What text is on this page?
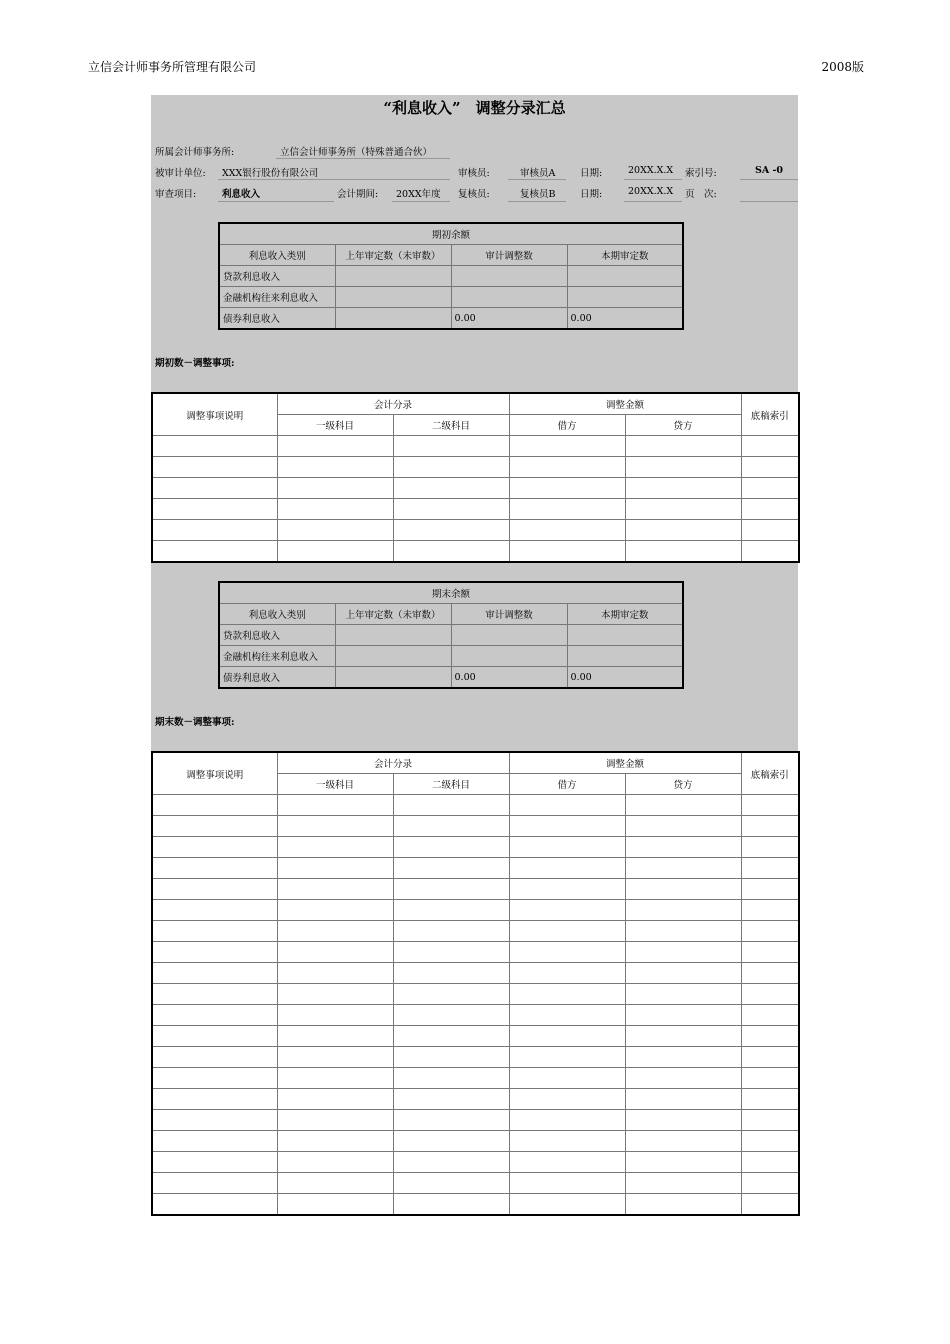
立信会计师事务所管理有限公司	2008版
“利息收入”　调整分录汇总
所属会计师事务所:	立信会计师事务所（特殊普通合伙）
被审计单位: XXX银行股份有限公司	审核员:	审核员A	日期:	20XX.X.X 索引号:	SA -0
审查项目:	利息收入	会计期间: 20XX年度 复核员:	复核员B	日期:	20XX.X.X 页　次:
期初余额			
利息收入类别	上年审定数（未审数）	审计调整数	本期审定数
贷款利息收入			
金融机构往来利息收入			
债券利息收入		0.00	0.00
期初数－调整事项:
调整事项说明	会计分录		调整金额		底稿索引
	一级科目	二级科目	借方	贷方	

期末余额			
利息收入类别	上年审定数（未审数）	审计调整数	本期审定数
贷款利息收入			
金融机构往来利息收入			
债券利息收入		0.00	0.00
期末数－调整事项:
调整事项说明	会计分录		调整金额		底稿索引
	一级科目	二级科目	借方	贷方	
